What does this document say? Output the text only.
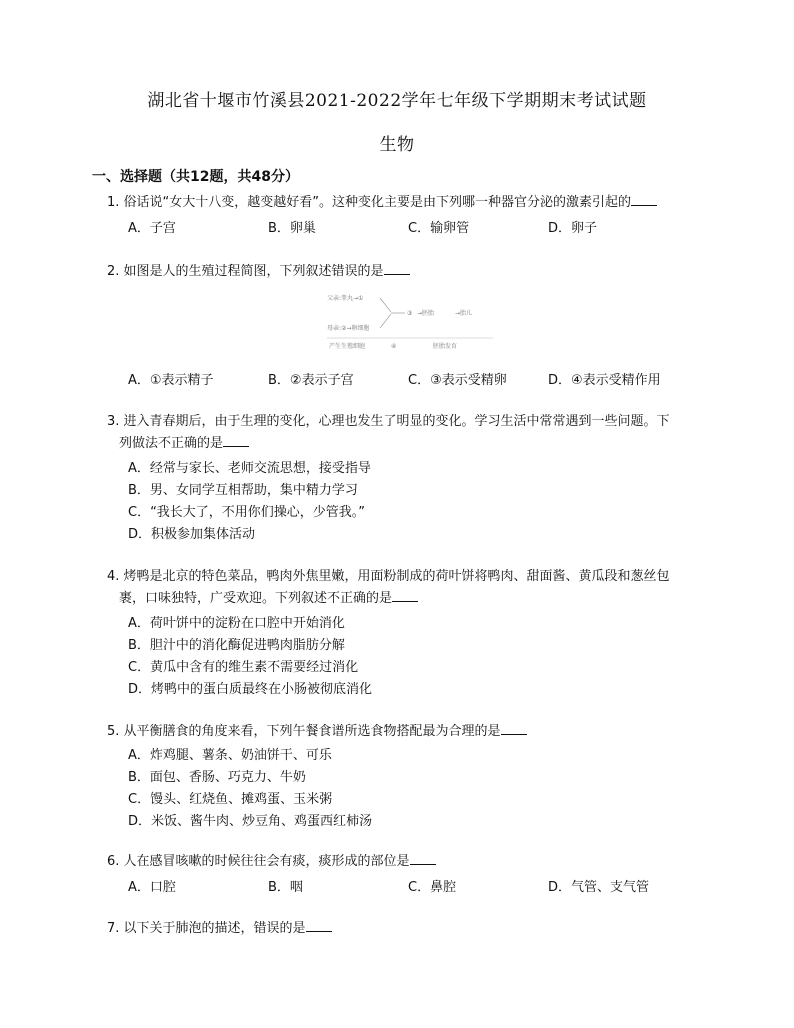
湖北省十堰市竹溪县2021-2022学年七年级下学期期末考试试题
生物
一、选择题（共12题，共48分）
1. 俗话说“女大十八变，越变越好看”。这种变化主要是由下列哪一种器官分泌的激素引起的
A．子宫	B．卵巢	C．输卵管	D．卵子
2. 如图是人的生殖过程简图，下列叙述错误的是
父亲:睾丸→①
母亲:②→卵细胞
③ →胚胎	→胎儿
产生生殖细胞	④	胚胎发育
A．①表示精子	B．②表示子宫	C．③表示受精卵	D．④表示受精作用
3. 进入青春期后，由于生理的变化，心理也发生了明显的变化。学习生活中常常遇到一些问题。下
列做法不正确的是
A．经常与家长、老师交流思想，接受指导
B．男、女同学互相帮助，集中精力学习
C．“我长大了，不用你们操心，少管我。”
D．积极参加集体活动
4. 烤鸭是北京的特色菜品，鸭肉外焦里嫩，用面粉制成的荷叶饼将鸭肉、甜面酱、黄瓜段和葱丝包
裹，口味独特，广受欢迎。下列叙述不正确的是
A．荷叶饼中的淀粉在口腔中开始消化
B．胆汁中的消化酶促进鸭肉脂肪分解
C．黄瓜中含有的维生素不需要经过消化
D．烤鸭中的蛋白质最终在小肠被彻底消化
5. 从平衡膳食的角度来看，下列午餐食谱所选食物搭配最为合理的是
A．炸鸡腿、薯条、奶油饼干、可乐
B．面包、香肠、巧克力、牛奶
C．馒头、红烧鱼、摊鸡蛋、玉米粥
D．米饭、酱牛肉、炒豆角、鸡蛋西红柿汤
6. 人在感冒咳嗽的时候往往会有痰，痰形成的部位是
A．口腔	B．咽	C．鼻腔	D．气管、支气管
7. 以下关于肺泡的描述，错误的是
